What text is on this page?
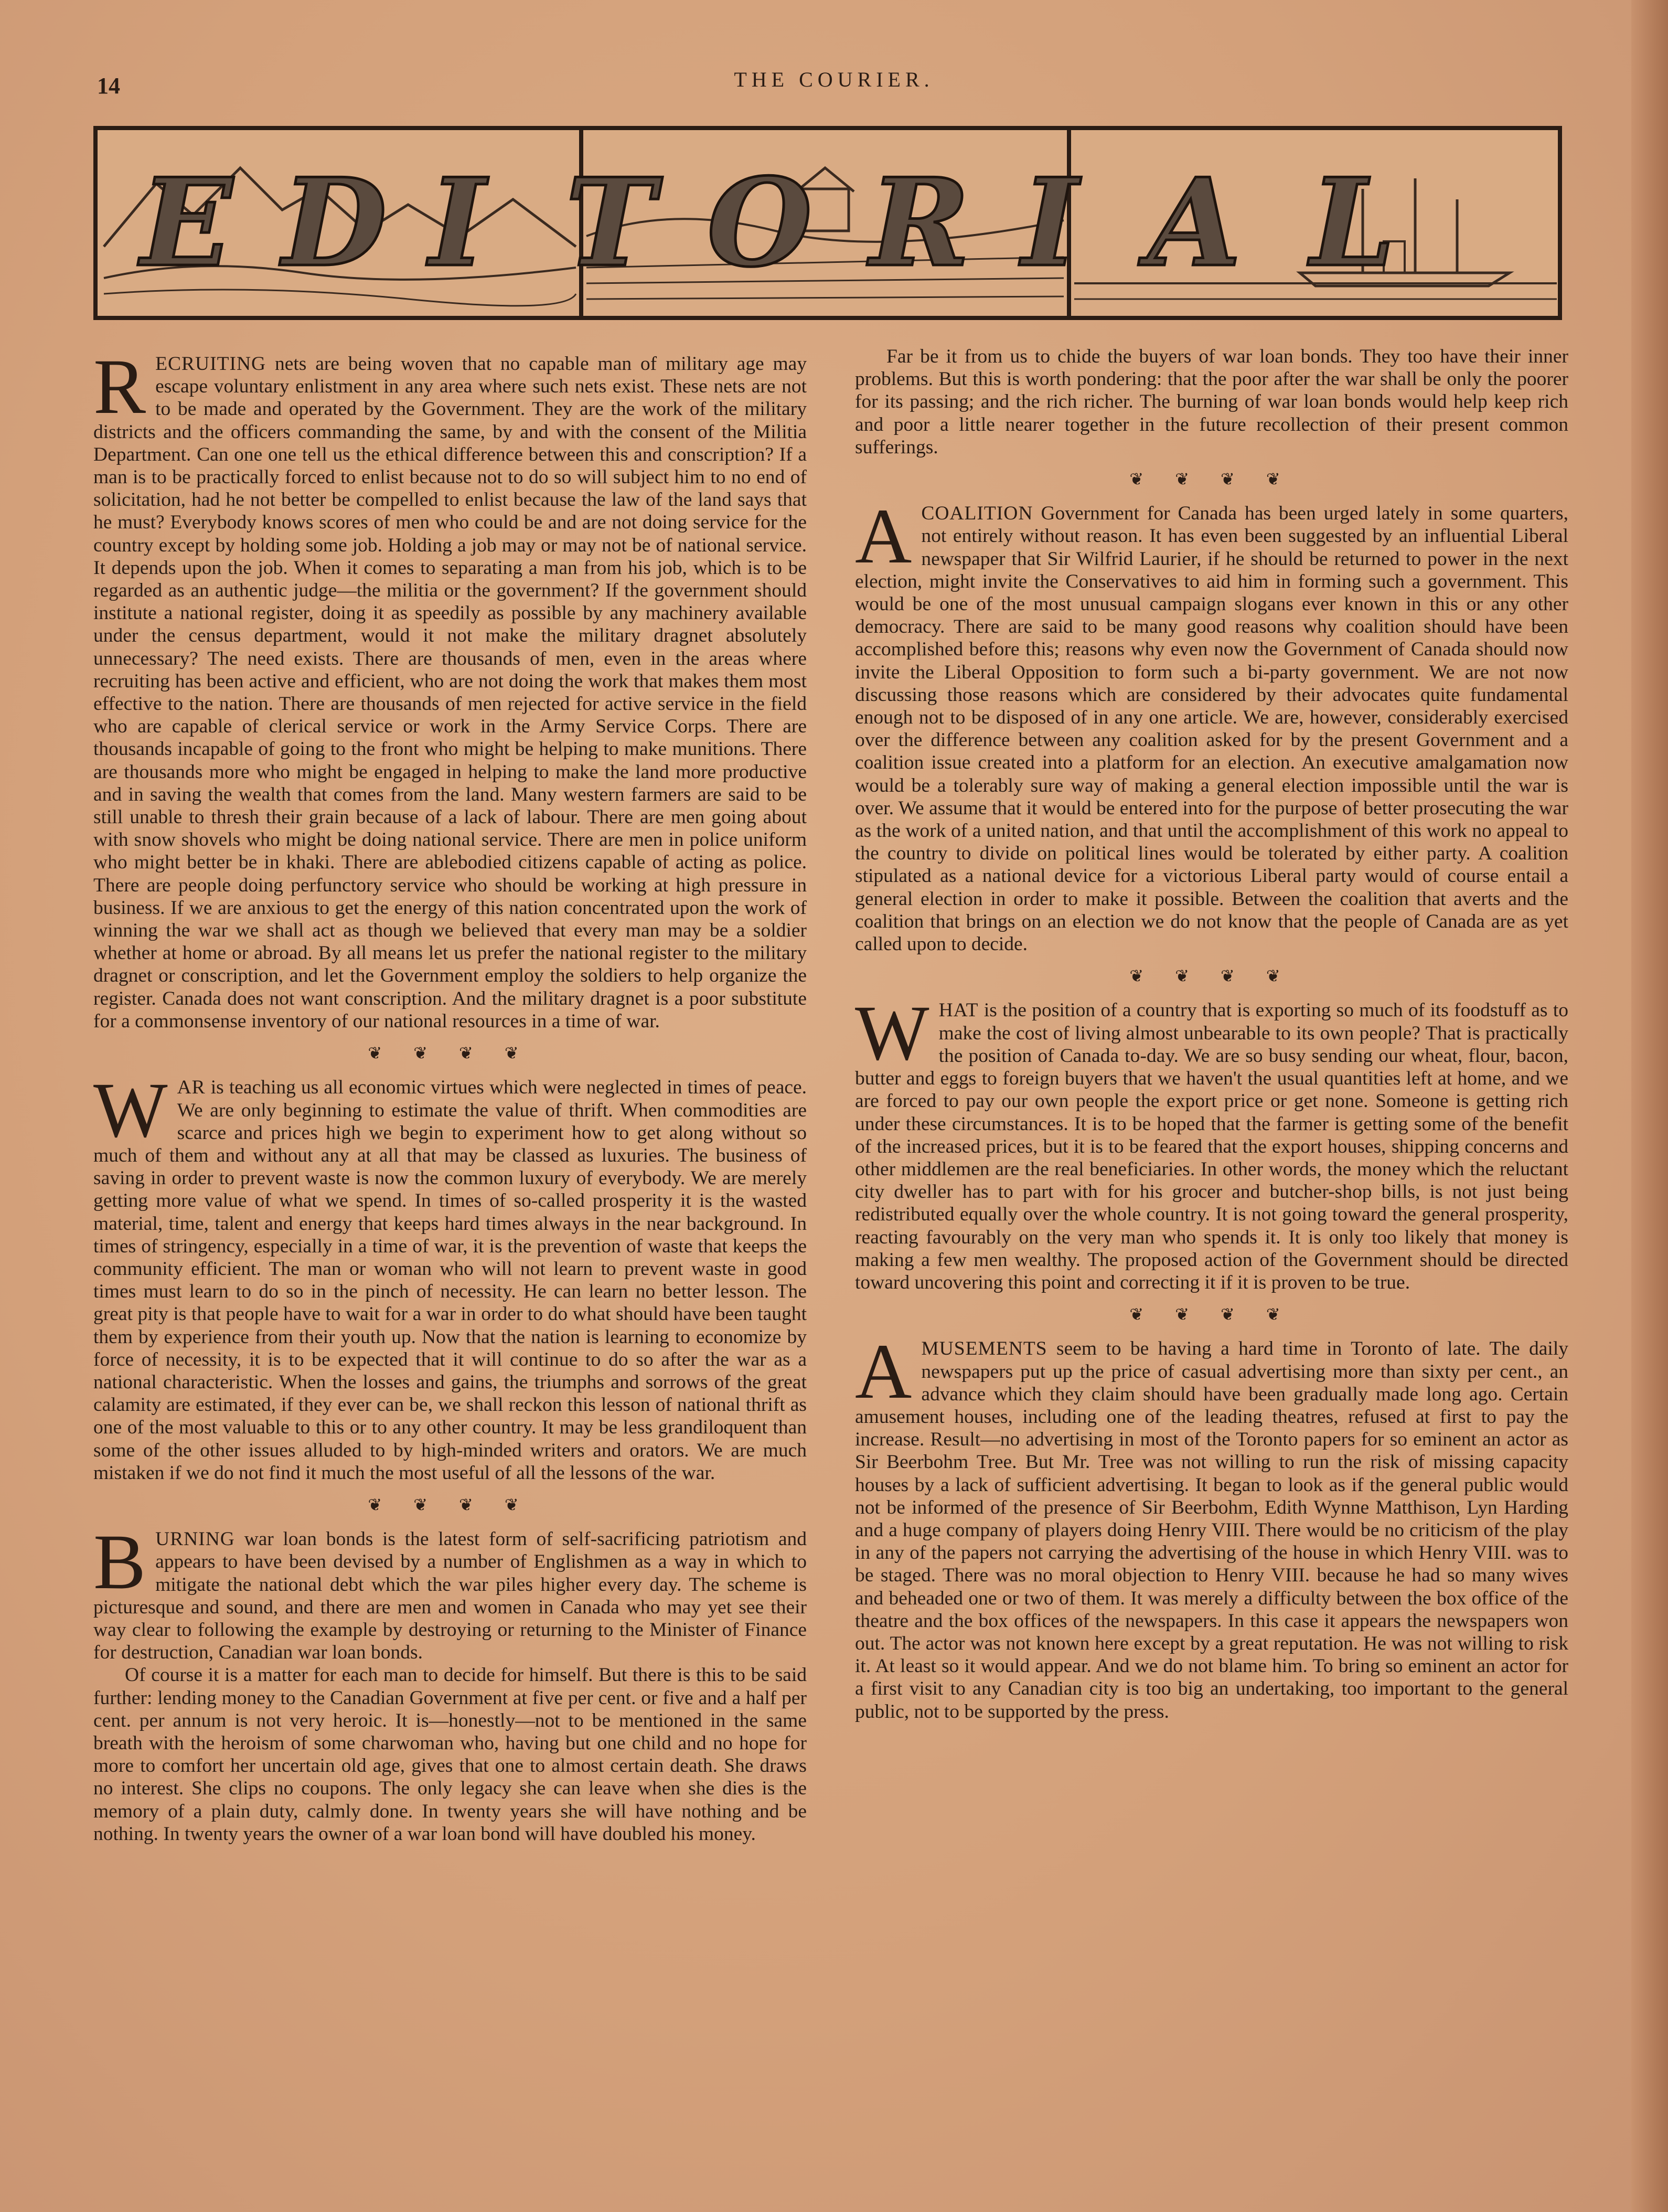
14	THE COURIER.
E D I T O R I A L
R ECRUITING nets are being woven that no capable man of military age may escape voluntary enlistment in any area where such nets exist. These nets are not to be made and operated by the Government. They are the work of the military districts and the officers commanding the same, by and with the consent of the Militia Department. Can one one tell us the ethical difference between this and conscription? If a man is to be practically forced to enlist because not to do so will subject him to no end of solicitation, had he not better be compelled to enlist because the law of the land says that he must? Everybody knows scores of men who could be and are not doing service for the country except by holding some job. Holding a job may or may not be of national service. It depends upon the job. When it comes to separating a man from his job, which is to be regarded as an authentic judge—the militia or the government? If the government should institute a national register, doing it as speedily as possible by any machinery available under the census department, would it not make the military dragnet absolutely unnecessary? The need exists. There are thousands of men, even in the areas where recruiting has been active and efficient, who are not doing the work that makes them most effective to the nation. There are thousands of men rejected for active service in the field who are capable of clerical service or work in the Army Service Corps. There are thousands incapable of going to the front who might be helping to make munitions. There are thousands more who might be engaged in helping to make the land more productive and in saving the wealth that comes from the land. Many western farmers are said to be still unable to thresh their grain because of a lack of labour. There are men going about with snow shovels who might be doing national service. There are men in police uniform who might better be in khaki. There are ablebodied citizens capable of acting as police. There are people doing perfunctory service who should be working at high pressure in business. If we are anxious to get the energy of this nation concentrated upon the work of winning the war we shall act as though we believed that every man may be a soldier whether at home or abroad. By all means let us prefer the national register to the military dragnet or conscription, and let the Government employ the soldiers to help organize the register. Canada does not want conscription. And the military dragnet is a poor substitute for a commonsense inventory of our national resources in a time of war.

❦ ❦ ❦ ❦
W AR is teaching us all economic virtues which were neglected in times of peace. We are only beginning to estimate the value of thrift. When commodities are scarce and prices high we begin to experiment how to get along without so much of them and without any at all that may be classed as luxuries. The business of saving in order to prevent waste is now the common luxury of everybody. We are merely getting more value of what we spend. In times of so-called prosperity it is the wasted material, time, talent and energy that keeps hard times always in the near background. In times of stringency, especially in a time of war, it is the prevention of waste that keeps the community efficient. The man or woman who will not learn to prevent waste in good times must learn to do so in the pinch of necessity. He can learn no better lesson. The great pity is that people have to wait for a war in order to do what should have been taught them by experience from their youth up. Now that the nation is learning to economize by force of necessity, it is to be expected that it will continue to do so after the war as a national characteristic. When the losses and gains, the triumphs and sorrows of the great calamity are estimated, if they ever can be, we shall reckon this lesson of national thrift as one of the most valuable to this or to any other country. It may be less grandiloquent than some of the other issues alluded to by high-minded writers and orators. We are much mistaken if we do not find it much the most useful of all the lessons of the war.

❦ ❦ ❦ ❦
B URNING war loan bonds is the latest form of self-sacrificing patriotism and appears to have been devised by a number of Englishmen as a way in which to mitigate the national debt which the war piles higher every day. The scheme is picturesque and sound, and there are men and women in Canada who may yet see their way clear to following the example by destroying or returning to the Minister of Finance for destruction, Canadian war loan bonds.

Of course it is a matter for each man to decide for himself. But there is this to be said further: lending money to the Canadian Government at five per cent. or five and a half per cent. per annum is not very heroic. It is—honestly—not to be mentioned in the same breath with the heroism of some charwoman who, having but one child and no hope for more to comfort her uncertain old age, gives that one to almost certain death. She draws no interest. She clips no coupons. The only legacy she can leave when she dies is the memory of a plain duty, calmly done. In twenty years she will have nothing and be nothing. In twenty years the owner of a war loan bond will have doubled his money.

Far be it from us to chide the buyers of war loan bonds. They too have their inner problems. But this is worth pondering: that the poor after the war shall be only the poorer for its passing; and the rich richer. The burning of war loan bonds would help keep rich and poor a little nearer together in the future recollection of their present common sufferings.

❦ ❦ ❦ ❦
A COALITION Government for Canada has been urged lately in some quarters, not entirely without reason. It has even been suggested by an influential Liberal newspaper that Sir Wilfrid Laurier, if he should be returned to power in the next election, might invite the Conservatives to aid him in forming such a government. This would be one of the most unusual campaign slogans ever known in this or any other democracy. There are said to be many good reasons why coalition should have been accomplished before this; reasons why even now the Government of Canada should now invite the Liberal Opposition to form such a bi-party government. We are not now discussing those reasons which are considered by their advocates quite fundamental enough not to be disposed of in any one article. We are, however, considerably exercised over the difference between any coalition asked for by the present Government and a coalition issue created into a platform for an election. An executive amalgamation now would be a tolerably sure way of making a general election impossible until the war is over. We assume that it would be entered into for the purpose of better prosecuting the war as the work of a united nation, and that until the accomplishment of this work no appeal to the country to divide on political lines would be tolerated by either party. A coalition stipulated as a national device for a victorious Liberal party would of course entail a general election in order to make it possible. Between the coalition that averts and the coalition that brings on an election we do not know that the people of Canada are as yet called upon to decide.

❦ ❦ ❦ ❦
W HAT is the position of a country that is exporting so much of its foodstuff as to make the cost of living almost unbearable to its own people? That is practically the position of Canada to-day. We are so busy sending our wheat, flour, bacon, butter and eggs to foreign buyers that we haven't the usual quantities left at home, and we are forced to pay our own people the export price or get none. Someone is getting rich under these circumstances. It is to be hoped that the farmer is getting some of the benefit of the increased prices, but it is to be feared that the export houses, shipping concerns and other middlemen are the real beneficiaries. In other words, the money which the reluctant city dweller has to part with for his grocer and butcher-shop bills, is not just being redistributed equally over the whole country. It is not going toward the general prosperity, reacting favourably on the very man who spends it. It is only too likely that money is making a few men wealthy. The proposed action of the Government should be directed toward uncovering this point and correcting it if it is proven to be true.

❦ ❦ ❦ ❦
A MUSEMENTS seem to be having a hard time in Toronto of late. The daily newspapers put up the price of casual advertising more than sixty per cent., an advance which they claim should have been gradually made long ago. Certain amusement houses, including one of the leading theatres, refused at first to pay the increase. Result—no advertising in most of the Toronto papers for so eminent an actor as Sir Beerbohm Tree. But Mr. Tree was not willing to run the risk of missing capacity houses by a lack of sufficient advertising. It began to look as if the general public would not be informed of the presence of Sir Beerbohm, Edith Wynne Matthison, Lyn Harding and a huge company of players doing Henry VIII. There would be no criticism of the play in any of the papers not carrying the advertising of the house in which Henry VIII. was to be staged. There was no moral objection to Henry VIII. because he had so many wives and beheaded one or two of them. It was merely a difficulty between the box office of the theatre and the box offices of the newspapers. In this case it appears the newspapers won out. The actor was not known here except by a great reputation. He was not willing to risk it. At least so it would appear. And we do not blame him. To bring so eminent an actor for a first visit to any Canadian city is too big an undertaking, too important to the general public, not to be supported by the press.
